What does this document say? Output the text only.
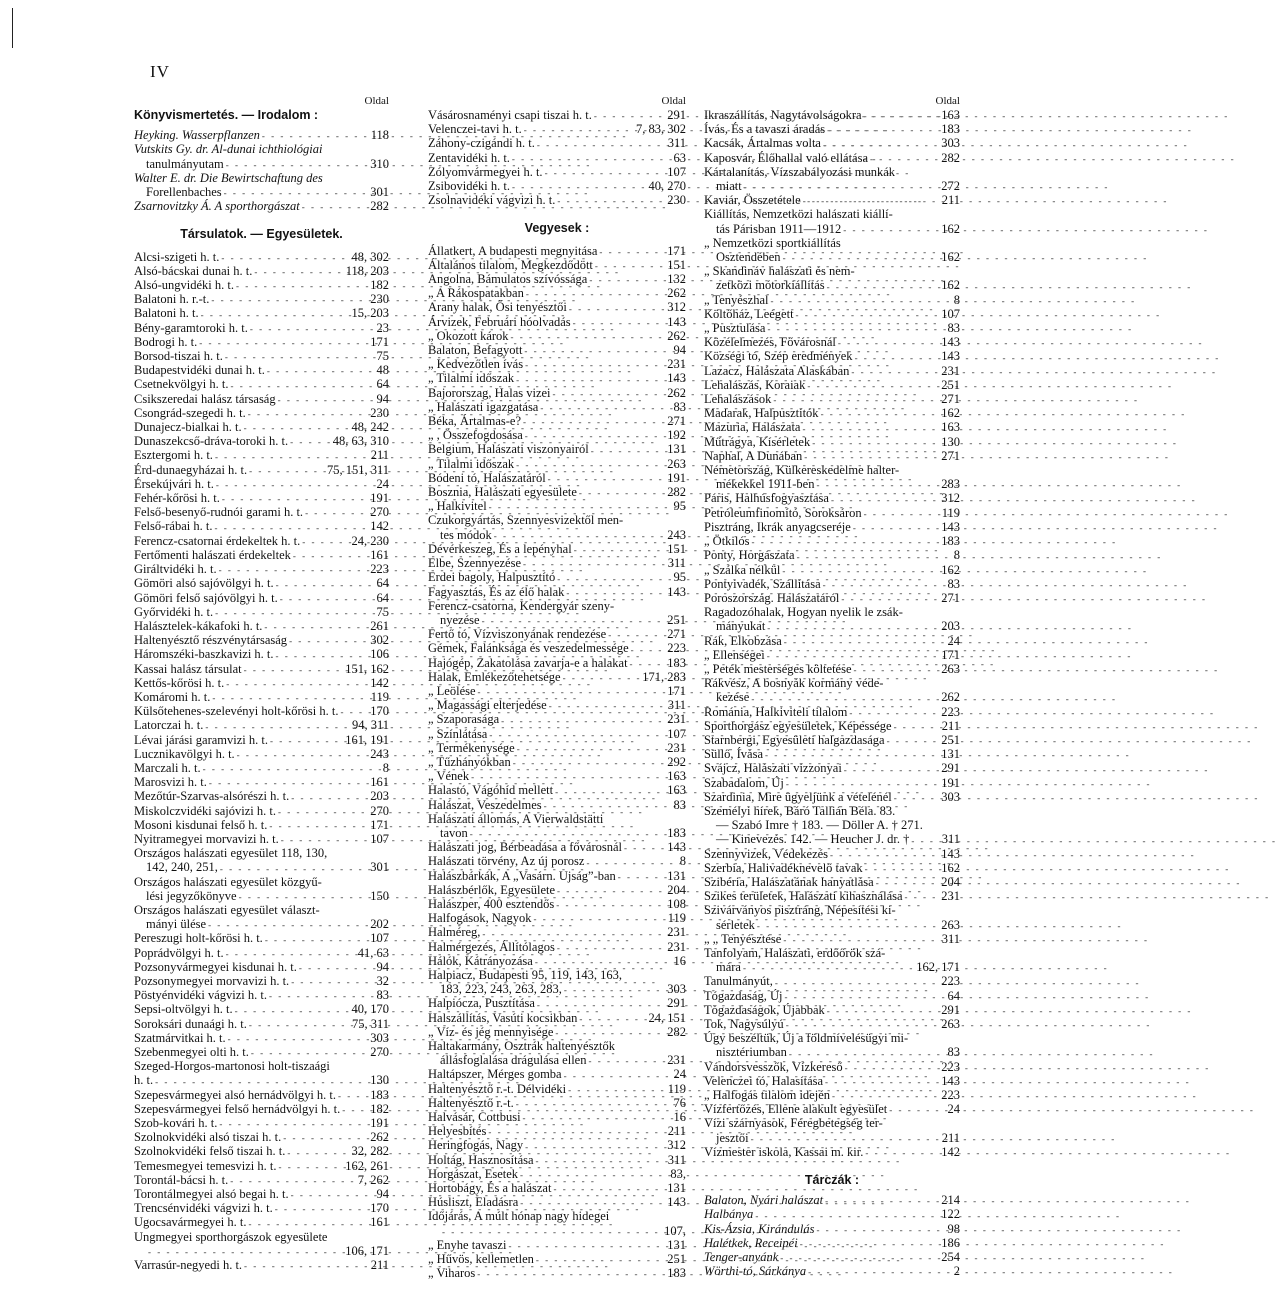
IV
Oldal
Könyvismertetés. — Irodalom :
Heyking. Wasserpflanzen - - -	118
Vutskits Gy. dr. Al-dunai ichthiológiai
tanulmányutam - - -	310
Walter E. dr. Die Bewirtschaftung des
Forellenbaches - - -	301
Zsarnovitzky Á. A sporthorgászat - - -	282
Társulatok. — Egyesületek.
Alcsi-szigeti h. t. - - -	48, 302
Alsó-bácskai dunai h. t. - - -	118, 203
Alsó-ungvidéki h. t. - - -	182
Balatoni h. r.-t. - - -	230
Balatoni h. t. - - -	15, 203
Bény-garamtoroki h. t. - - -	23
Bodrogi h. t. - - -	171
Borsod-tiszai h. t. - - -	75
Budapestvidéki dunai h. t. - - -	48
Csetnekvölgyi h. t. - - -	64
Csikszeredai halász társaság - - -	94
Csongrád-szegedi h. t. - - -	230
Dunajecz-bialkai h. t. - - -	48, 242
Dunaszekcső-dráva-toroki h. t. - - -	48, 63, 310
Esztergomi h. t. - - -	211
Érd-dunaegyházai h. t. - - -	75, 151, 311
Érsekújvári h. t. - - -	24
Fehér-kőrösi h. t. - - -	191
Felső-besenyő-rudnói garami h. t. - - -	270
Felső-rábai h. t. - - -	142
Ferencz-csatornai érdekeltek h. t. - - -	24, 230
Fertőmenti halászati érdekeltek - - -	161
Giráltvidéki h. t. - - -	223
Gömöri alsó sajóvölgyi h. t. - - -	64
Gömöri felső sajóvölgyi h. t. - - -	64
Győrvidéki h. t. - - -	75
Halásztelek-kákafoki h. t. - - -	261
Haltenyésztő részvénytársaság - - -	302
Háromszéki-baszkavizi h. t. - - -	106
Kassai halász társulat - - -	151, 162
Kettős-kőrösi h. t. - - -	142
Komáromi h. t. - - -	119
Külsőtehenes-szelevényi holt-kőrösi h. t. - - -	170
Latorczai h. t. - - -	94, 311
Lévai járási garamvizi h. t. - - -	161, 191
Lucznikavölgyi h. t. - - -	243
Marczali h. t. - - -	8
Marosvizi h. t. - - -	161
Mezőtúr-Szarvas-alsórészi h. t. - - -	203
Miskolczvidéki sajóvizi h. t. - - -	270
Mosoni kisdunai felső h. t. - - -	171
Nyitramegyei morvavizi h. t. - - -	107
Országos halászati egyesület 118, 130,
142, 240, 251, - - -	301
Országos halászati egyesület közgyű-
lési jegyzőkönyve - - -	150
Országos halászati egyesület választ-
mányi ülése - - -	202
Pereszugi holt-kőrösi h. t. - - -	107
Poprádvölgyi h. t. - - -	41, 63
Pozsonyvármegyei kisdunai h. t. - - -	94
Pozsonymegyei morvavizi h. t. - - -	32
Pöstyénvidéki vágvizi h. t. - - -	83
Sepsi-oltvölgyi h. t. - - -	40, 170
Soroksári dunaági h. t. - - -	75, 311
Szatmárvitkai h. t. - - -	303
Szebenmegyei olti h. t. - - -	270
Szeged-Horgos-martonosi holt-tiszaági
h. t. - - -	130
Szepesvármegyei alsó hernádvölgyi h. t. - - -	183
Szepesvármegyei felső hernádvölgyi h. t. - - - 182
Szob-kovári h. t. - - -	191
Szolnokvidéki alsó tiszai h. t. - - -	262
Szolnokvidéki felső tiszai h. t. - - -	32, 282
Temesmegyei temesvizi h. t. - - -	162, 261
Torontál-bácsi h. t. - - -	7, 262
Torontálmegyei alsó begai h. t. - - -	94
Trencsénvidéki vágvizi h. t. - - -	170
Ugocsavármegyei h. t. - - -	161
Ungmegyei sporthorgászok egyesülete
- - -
106, 171
Varrasúr-negyedi h. t. - - -	211
Oldal
Vásárosnaményi csapi tiszai h. t. - - -	291
Velenczei-tavi h. t. - - -	7, 83, 302
Záhony-czigándi h. t. - - -	311
Zentavidéki h. t. - - -	63
Zólyomvármegyei h. t. - - -	107
Zsibovidéki h. t. - - -	40, 270
Zsolnavidéki vágvizi h. t. - - -	230
Vegyesek :
Állatkert, A budapesti megnyitása - - -	171
Általános tilalom, Megkezdődött - - -	151
Angolna, Bámulatos szívóssága - - -	132
„ A Rákospatakban - - -	262
Arany halak, Ősi tenyésztői - - -	312
Árvizek, Februári hóolvadás - - -	143
„ Okozott károk - - -	262
Balaton, Befagyott - - -	94
„ Kedvezőtlen ívás - - -	231
„ Tilalmi időszak - - -	143
Bajororszag, Halas vizei - - -	262
„ Halászati igazgatása - - -	83
Béka, Ártalmas-e? - - -	271
„ , Összefogdosása - - -	192
Belgium, Halászati viszonyairól - - -	131
„ Tilalmi időszak - - -	263
Bódeni tó, Halászatáról - - -	191
Bosznia, Halászati egyesülete - - -	282
„ Halkivitel - - -	95
Czukorgyártás, Szennyesvizektől men-
tes módok - - -	243
Dévérkeszeg, És a lepényhal - - -	151
Elbe, Szennyezése - - -	311
Erdei bagoly, Halpusztító - - -	95
Fagyasztás, És az élő halak - - -	143
Ferencz-csatorna, Kendergyár szeny-
nyezése - - -	251
Fertő tó, Vízviszonyának rendezése - - -	271
Gémek, Falánksága és veszedelmessége - - -	223
Hajógép, Zakatolása zavarja-e a halakat - - -	183
Halak, Emlékezőtehetsége - - -	171, 283
„ Leölése - - -	171
„ Magassági elterjedése - - -	311
„ Szaporasága - - -	231
„ Színlátása - - -	107
„ Termékenysége - - -	231
„ Tűzhányókban - - -	292
„ Vének - - -	163
Halastó, Vágóhíd mellett - - -	163
Halászat, Veszedelmes - - -	83
Halászati állomás, A Vierwaldstätti
tavon - - -	183
Halászati jog, Bérbeadása a fővárosnál - - -	143
Halászati törvény, Az új porosz - - -	8
Halászbárkák, A „Vasárn. Ujság”-ban - - -	131
Halászbérlők, Egyesülete - - -	204
Halászper, 400 esztendős - - -	108
Halfogások, Nagyok - - -	119
Halméreg, - - -	231
Halmérgezés, Állítólagos - - -	231
Hálók, Kátrányozása - - -	16
Halpiacz, Budapesti 95, 119, 143, 163,
183, 223, 243, 263, 283, - - -	303
Halpiócza, Pusztítása - - -	291
Halszállítás, Vasúti kocsikban - - -	24, 151
„ Víz- és jég mennyisége - - -	282
Haltakarmány, Osztrák haltenyésztők
állásfoglalása drágulása ellen - - -	231
Haltápszer, Mérges gomba - - -	24
Haltenyésztő r.-t. Délvidéki - - -	119
Haltenyésztő r.-t. - - -	76
Halvásár, Cottbusi - - -	16
Helyesbítés - - -	211
Heringfogás, Nagy - - -	312
Holtág, Hasznosítása - - -	311
Horgászat, Esetek - - -	83,
Hortobágy, És a halászat - - -	131
Húsliszt, Eladásra - - -	143
Időjárás, A múlt hónap nagy hidegei
- - -
107,
„ Enyhe tavaszi - - -	131
„ Hűvös, kellemetlen - - -	251
„ Viharos - - -	183
Oldal
Ikraszállítás, Nagytávolságokra - - -	163
Ívás, És a tavaszi áradás - - -	183
Kacsák, Ártalmas volta - - -	303
Kaposvár, Élőhallal való ellátása - - -	282
Kártalanítás, Vízszabályozási munkák
miatt - - -	272
Kaviár, Összetétele - - -	211
Kiállítás, Nemzetközi halászati kiállí-
tás Párisban 1911—1912 - - -	162
„ Nemzetközi sportkiállítás
Osztendében - - -	162
„ Skandináv halászati és nem-
zetközi mótorkiállítás - - -	162
„ Tenyészhal - - -	8
Költőház, Leégett - - -	107
„ Pusztulása - - -	83
Közélelmezés, Fővárosnál - - -	143
Községi tó, Szép eredmények - - -	143
Lazacz, Halászata Alaskában - - -	231
Lehalászás, Koraiak - - -	251
Lehalászások - - -	271
Madarak, Halpusztítók - - -	162
Mazuria, Halászata - - -	163
Műtrágya, Kísérletek - - -	130
Naphal, A Dunában - - -	271
Németország, Külkereskedelme halter-
mékekkel 1911-ben - - -	283
Páris, Halhúsfogyasztása - - -	312
Petróleumfinomító, Soroksáron - - -	119
Pisztráng, Ikrák anyagcseréje - - -	143
„ Ötkilós - - -	183
Ponty, Horgászata - - -	8
„ Szálka nélkül - - -	162
Pontyivadék, Szállítása - - -	83
Poroszország. Halászatáról - - -	271
Ragadozóhalak, Hogyan nyelik le zsák-
mányukat - - -	203
Rák, Elkobzása - - -	24
„ Ellenségei - - -	171
„ Peték mesterséges költetése - - -	263
Rákvész, A bosnyák kormány véde-
kezése - - -	262
Románia, Halkiviteli tilalom - - -	223
Sporthorgász egyesületek, Képessége - - -	211
Starnbergi, Egyesületi halgazdasága - - -	251
Süllő, Ívása - - -	131
Svájcz, Halászati vízzonyai - - -	291
Szabadalom, Új - - -	191
Szardinia, Mire ügyeljünk a vételénél - - -	303
Személyi hírek, Báró Tallián Béla. 83.
— Szabó Imre † 183. — Döller A. † 271.
— Kinevezés. 142. — Heucher J. dr. † - - -	311
Szennyvizek, Védekezés - - -	143
Szerbia, Halivadéknevelő tavak - - -	162
Szibéria, Halászatának hanyatlása - - -	204
Szikes területek, Halászati kihasználása - - -	231
Szivárványos pisztráng, Népesítési ki-
sérletek - - -	263
„ „ Tenyésztése - - -	311
Tanfolyam, Halászati, erdőőrök szá-
mára - - -	162, 171
Tanulmányút, - - -	223
Tógazdaság, Új - - -	64
Tógazdaságok, Újabbak - - -	291
Tok, Nagysúlyú - - -	263
Úgy beszéltük, Új a földmívelésügyi mi-
nisztériumban - - -	83
Vándorsvesszők, Vízkereső - - -	223
Velenczei tó, Halasítása - - -	143
„ Halfogás tilalom idején - - -	223
Vízfertőzés, Ellene alakult egyesület - - -	24
Vízi szárnyasok, Féregbetegség ter-
jesztői - - -	211
Vízmester iskola, Kassai m. kir. - - -	142
Tárczák :
Balaton, Nyári halászat - - -	214
Halbánya - - -	122
Kis-Ázsia, Kirándulás - - -	98
Halétkek, Receipéi - - -	186
Tenger-anyánk - - -	254
Wörthi-tó, Sárkánya - - -	2
